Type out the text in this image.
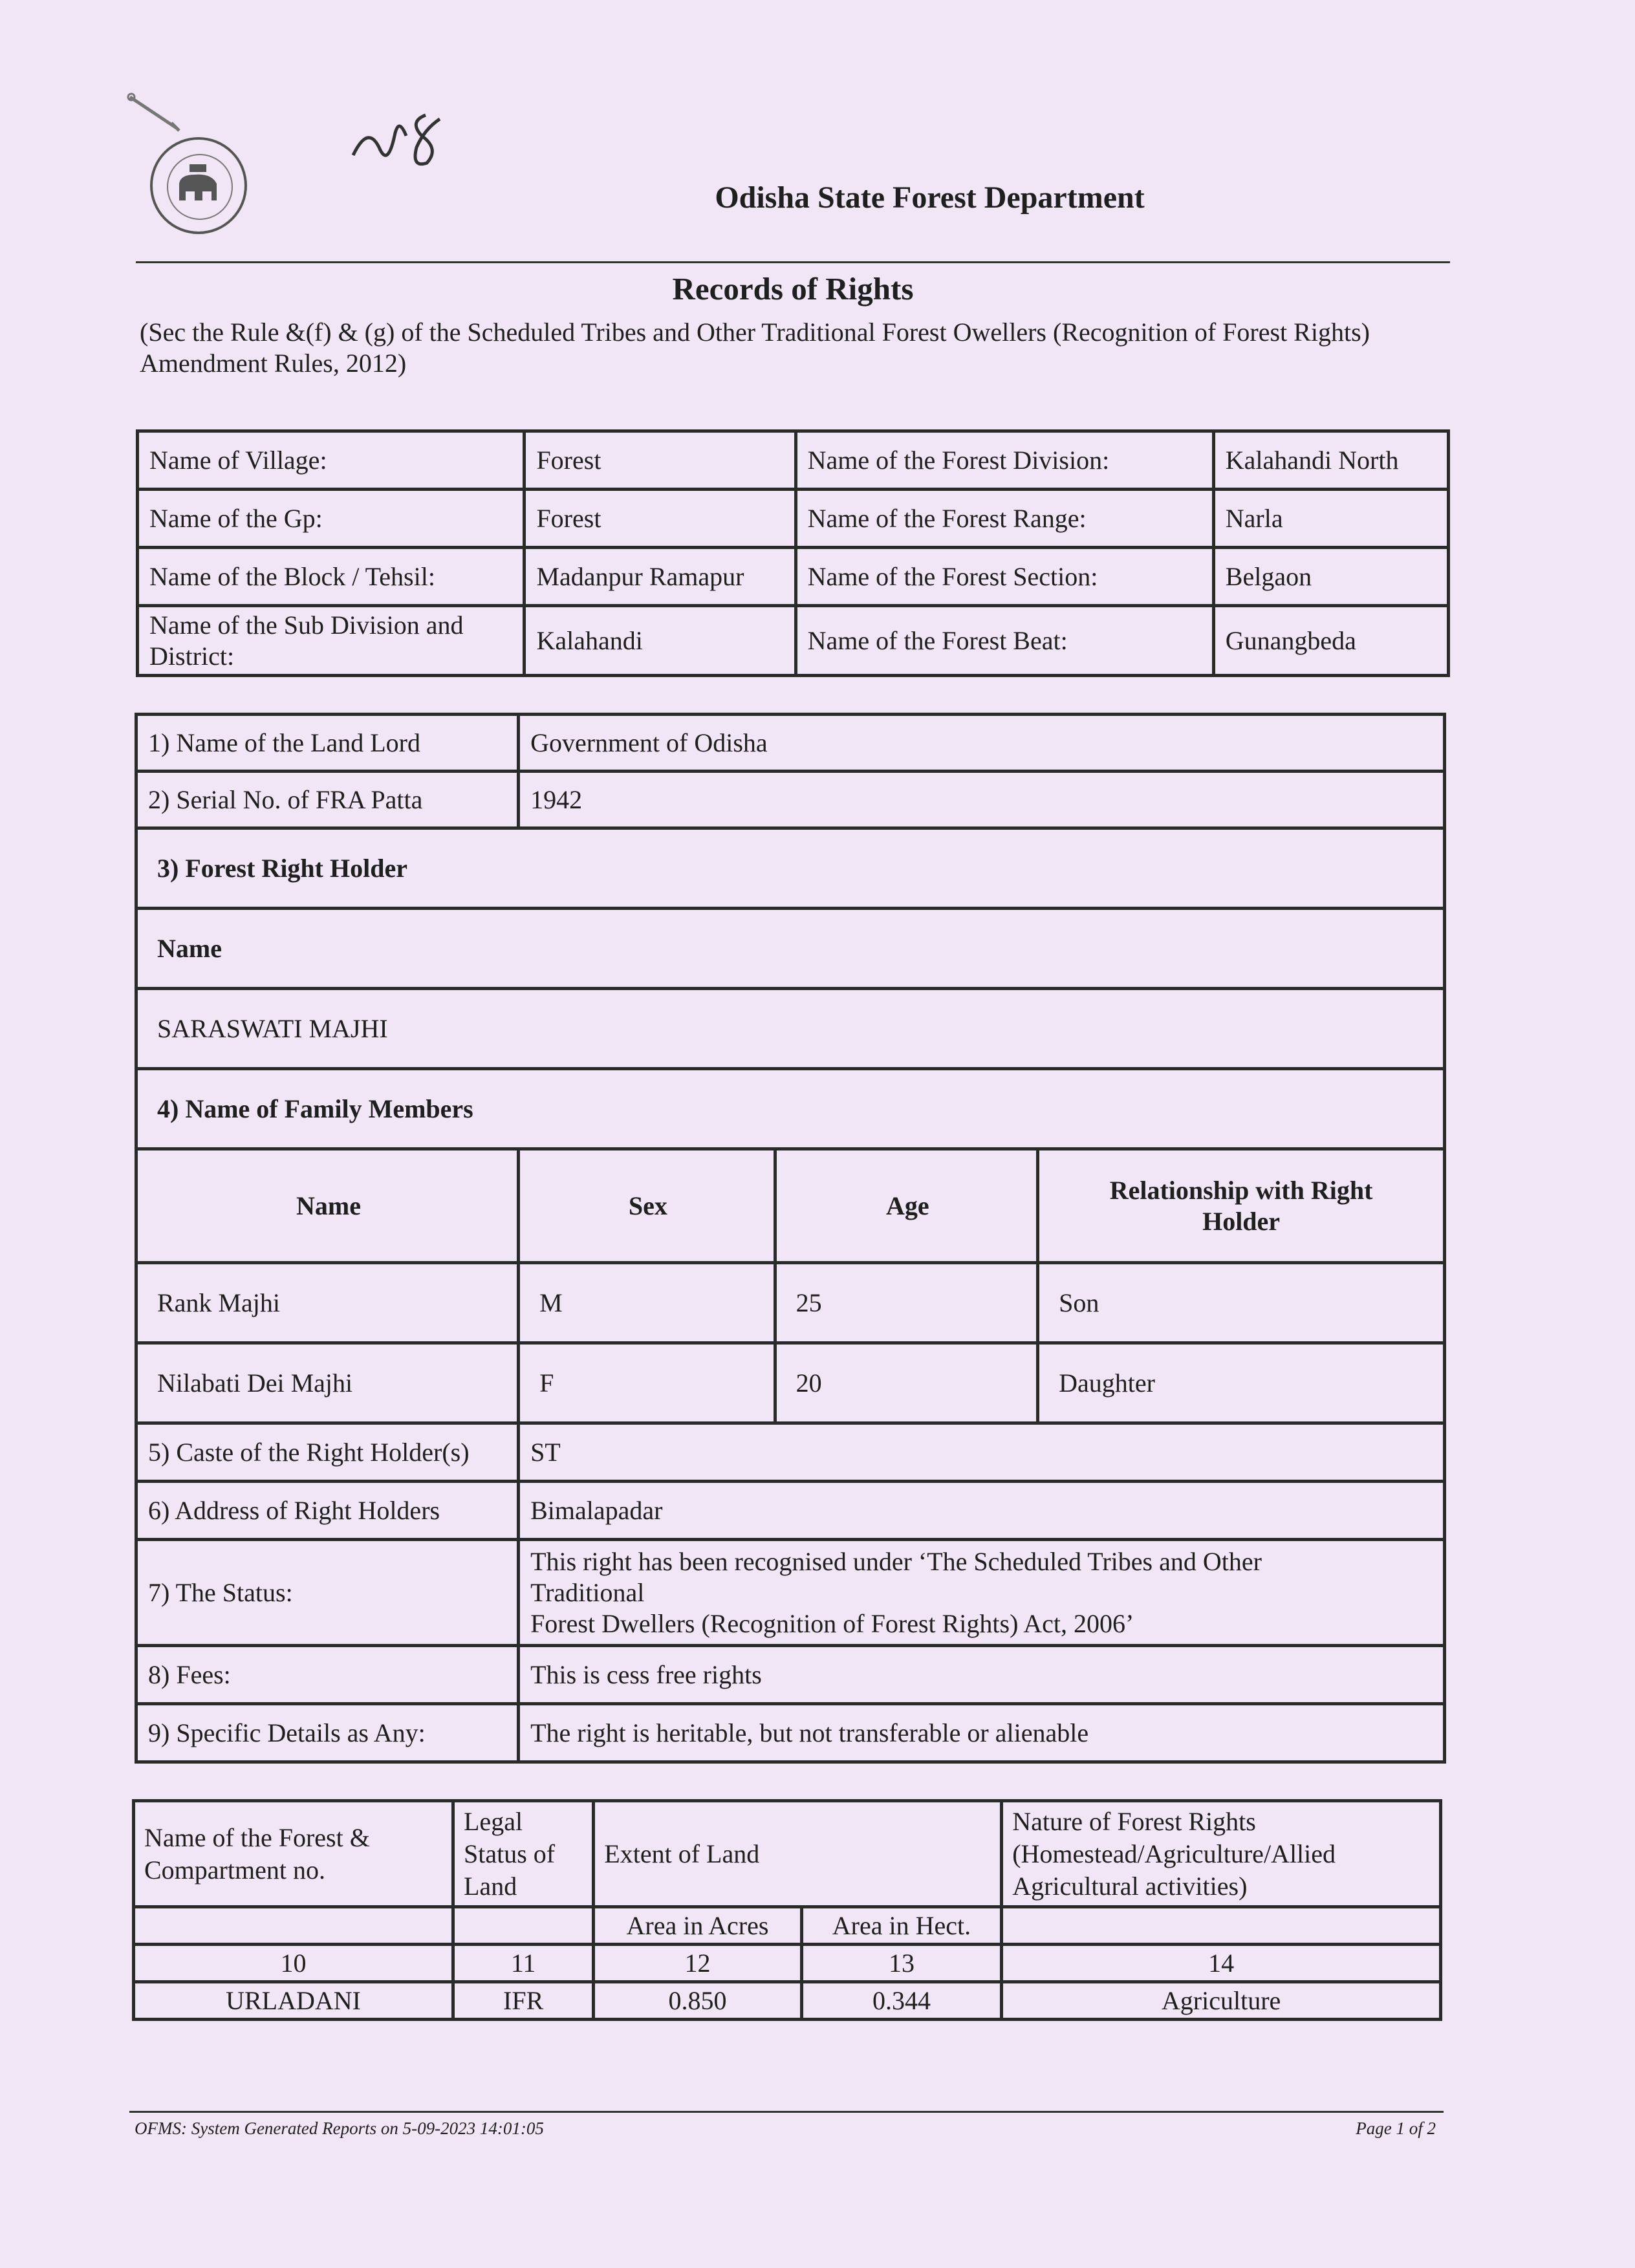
Odisha State Forest Department
Records of Rights
(Sec the Rule &(f) & (g) of the Scheduled Tribes and Other Traditional Forest Owellers (Recognition of Forest Rights) Amendment Rules, 2012)
Name of Village:	Forest	Name of the Forest Division:	Kalahandi North
Name of the Gp:	Forest	Name of the Forest Range:	Narla
Name of the Block / Tehsil:	Madanpur Ramapur	Name of the Forest Section:	Belgaon
Name of the Sub Division and District:	Kalahandi	Name of the Forest Beat:	Gunangbeda
1) Name of the Land Lord	Government of Odisha		
2) Serial No. of FRA Patta	1942		
3) Forest Right Holder			
Name			
SARASWATI MAJHI			
4) Name of Family Members			
Name	Sex	Age	Relationship with Right Holder
Rank Majhi	M	25	Son
Nilabati Dei Majhi	F	20	Daughter
5) Caste of the Right Holder(s)	ST		
6) Address of Right Holders	Bimalapadar		
7) The Status:	This right has been recognised under ‘The Scheduled Tribes and Other
Traditional
Forest Dwellers (Recognition of Forest Rights) Act, 2006’		

8) Fees:	This is cess free rights		
9) Specific Details as Any:	The right is heritable, but not transferable or alienable		
Name of the Forest & Compartment no.	Legal Status of Land	Extent of Land		Nature of Forest Rights (Homestead/Agriculture/Allied Agricultural activities)
		Area in Acres	Area in Hect.	
10	11	12	13	14
URLADANI	IFR	0.850	0.344	Agriculture
OFMS: System Generated Reports on 5-09-2023 14:01:05	Page 1 of 2
